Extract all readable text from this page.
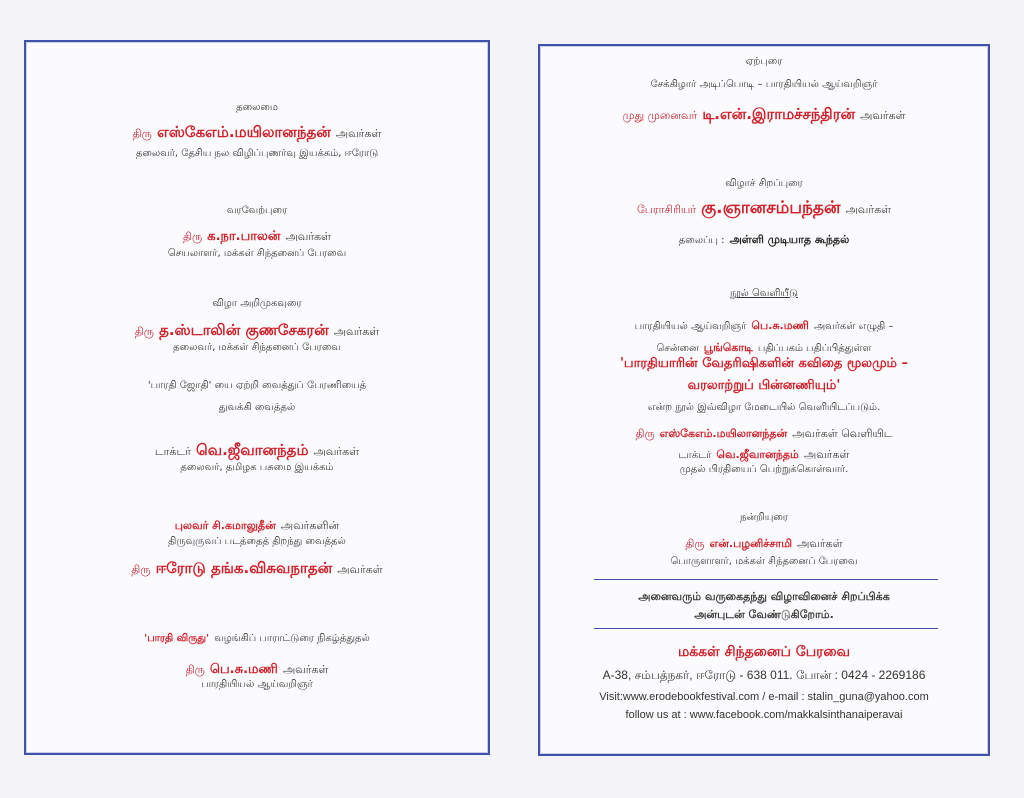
தலைமை
திரு எஸ்கேஎம்.மயிலானந்தன் அவர்கள்
தலைவர், தேசிய நல விழிப்புணர்வு இயக்கம், ஈரோடு
வரவேற்புரை
திரு க.நா.பாலன் அவர்கள்
செயலாளர், மக்கள் சிந்தனைப் பேரவை
விழா அறிமுகவுரை
திரு த.ஸ்டாலின் குணசேகரன் அவர்கள்
தலைவர், மக்கள் சிந்தனைப் பேரவை
'பாரதி ஜோதி' யை ஏற்றி வைத்துப் பேரணியைத்
துவக்கி வைத்தல்
டாக்டர் வெ.ஜீவானந்தம் அவர்கள்
தலைவர், தமிழக பசுமை இயக்கம்
புலவர் சி.கமாலுதீன் அவர்களின்
திருவுருவப் படத்தைத் திறந்து வைத்தல்
திரு ஈரோடு தங்க.விசுவநாதன் அவர்கள்
'பாரதி விருது' வழங்கிப் பாராட்டுரை நிகழ்த்துதல்
திரு பெ.சு.மணி அவர்கள்
பாரதியியல் ஆய்வறிஞர்
ஏற்புரை
சேக்கிழார் அடிப்பொடி – பாரதியியல் ஆய்வறிஞர்
முது முனைவர் டி.என்.இராமச்சந்திரன் அவர்கள்
விழாச் சிறப்புரை
பேராசிரியர் கு.ஞானசம்பந்தன் அவர்கள்
தலைப்பு : அள்ளி முடியாத கூந்தல்
நூல் வெளியீடு
பாரதியியல் ஆய்வறிஞர் பெ.சு.மணி அவர்கள் எழுதி –
சென்னை பூங்கொடி பதிப்பகம் பதிப்பித்துள்ள
'பாரதியாரின் வேதரிஷிகளின் கவிதை மூலமும் –
வரலாற்றுப் பின்னணியும்'
என்ற நூல் இவ்விழா மேடையில் வெளியிடப்படும்.
திரு எஸ்கேஎம்.மயிலானந்தன் அவர்கள் வெளியிட
டாக்டர் வெ.ஜீவானந்தம் அவர்கள்
முதல் பிரதியைப் பெற்றுக்கொள்வார்.
நன்றியுரை
திரு என்.பழனிச்சாமி அவர்கள்
பொருளாளர், மக்கள் சிந்தனைப் பேரவை
அனைவரும் வருகைதந்து விழாவினைச் சிறப்பிக்க
அன்புடன் வேண்டுகிறோம்.
மக்கள் சிந்தனைப் பேரவை
A-38, சம்பத்நகர், ஈரோடு - 638 011. போன் : 0424 - 2269186
Visit:www.erodebookfestival.com / e-mail : stalin_guna@yahoo.com
follow us at : www.facebook.com/makkalsinthanaiperavai
